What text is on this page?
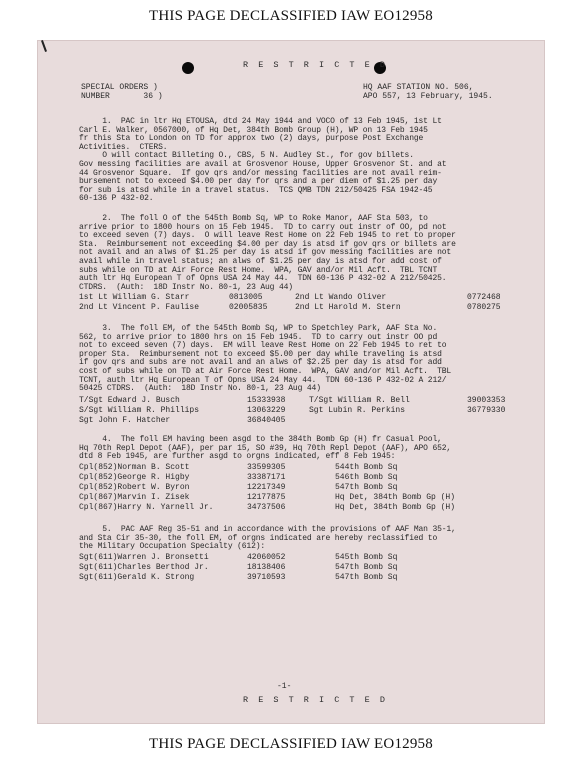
THIS PAGE DECLASSIFIED IAW EO12958
R E S T R I C T E D
SPECIAL ORDERS )
NUMBER       36 )
HQ AAF STATION NO. 506,
APO 557, 13 February, 1945.
1.  PAC in ltr Hq ETOUSA, dtd 24 May 1944 and VOCO of 13 Feb 1945, 1st Lt
Carl E. Walker, 0567000, of Hq Det, 384th Bomb Group (H), WP on 13 Feb 1945
fr this Sta to London on TD for approx two (2) days, purpose Post Exchange
Activities.  CTERS.
O will contact Billeting O., CBS, 5 N. Audley St., for gov billets.
Gov messing facilities are avail at Grosvenor House, Upper Grosvenor St. and at
44 Grosvenor Square.  If gov qrs and/or messing facilities are not avail reim-
bursement not to exceed $4.00 per day for qrs and a per diem of $1.25 per day
for sub is atsd while in a travel status.  TCS QMB TDN 212/50425 FSA 1942-45
60-136 P 432-02.
2.  The foll O of the 545th Bomb Sq, WP to Roke Manor, AAF Sta 503, to
arrive prior to 1800 hours on 15 Feb 1945.  TD to carry out instr of OO, pd not
to exceed seven (7) days.  O will leave Rest Home on 22 Feb 1945 to ret to proper
Sta.  Reimbursement not exceeding $4.00 per day is atsd if gov qrs or billets are
not avail and an alws of $1.25 per day is atsd if gov messing facilities are not
avail while in travel status; an alws of $1.25 per day is atsd for add cost of
subs while on TD at Air Force Rest Home.  WPA, GAV and/or Mil Acft.  TBL TCNT
auth ltr Hq European T of Opns USA 24 May 44.  TDN 60-136 P 432-02 A 212/50425.
CTDRS.  (Auth:  18D Instr No. 80-1, 23 Aug 44)
1st Lt William G. Starr	0813005	2nd Lt Wando Oliver	0772468
2nd Lt Vincent P. Faulise	02005835	2nd Lt Harold M. Stern	0780275
3.  The foll EM, of the 545th Bomb Sq, WP to Spetchley Park, AAF Sta No.
562, to arrive prior to 1800 hrs on 15 Feb 1945.  TD to carry out instr OO pd
not to exceed seven (7) days.  EM will leave Rest Home on 22 Feb 1945 to ret to
proper Sta.  Reimbursement not to exceed $5.00 per day while traveling is atsd
if gov qrs and subs are not avail and an alws of $2.25 per day is atsd for add
cost of subs while on TD at Air Force Rest Home.  WPA, GAV and/or Mil Acft.  TBL
TCNT, auth ltr Hq European T of Opns USA 24 May 44.  TDN 60-136 P 432-02 A 212/
50425 CTDRS.  (Auth:  18D Instr No. 80-1, 23 Aug 44)
T/Sgt Edward J. Busch	15333938	T/Sgt William R. Bell	39003353
S/Sgt William R. Phillips	13063229	Sgt Lubin R. Perkins	36779330
Sgt John F. Hatcher	36840405
4.  The foll EM having been asgd to the 384th Bomb Gp (H) fr Casual Pool,
Hq 70th Repl Depot (AAF), per par 15, SO #39, Hq 70th Repl Depot (AAF), APO 652,
dtd 8 Feb 1945, are further asgd to orgns indicated, eff 8 Feb 1945:
Cpl(852)Norman B. Scott	33599305	544th Bomb Sq
Cpl(852)George R. Higby	33387171	546th Bomb Sq
Cpl(852)Robert W. Byron	12217349	547th Bomb Sq
Cpl(867)Marvin I. Zisek	12177875	Hq Det, 384th Bomb Gp (H)
Cpl(867)Harry N. Yarnell Jr.	34737506	Hq Det, 384th Bomb Gp (H)
5.  PAC AAF Reg 35-51 and in accordance with the provisions of AAF Man 35-1,
and Sta Cir 35-30, the foll EM, of orgns indicated are hereby reclassified to
the Military Occupation Specialty (612):
Sgt(611)Warren J. Bronsetti	42060052	545th Bomb Sq
Sgt(611)Charles Berthod Jr.	18138406	547th Bomb Sq
Sgt(611)Gerald K. Strong	39710593	547th Bomb Sq
-1-
R E S T R I C T E D
THIS PAGE DECLASSIFIED IAW EO12958
